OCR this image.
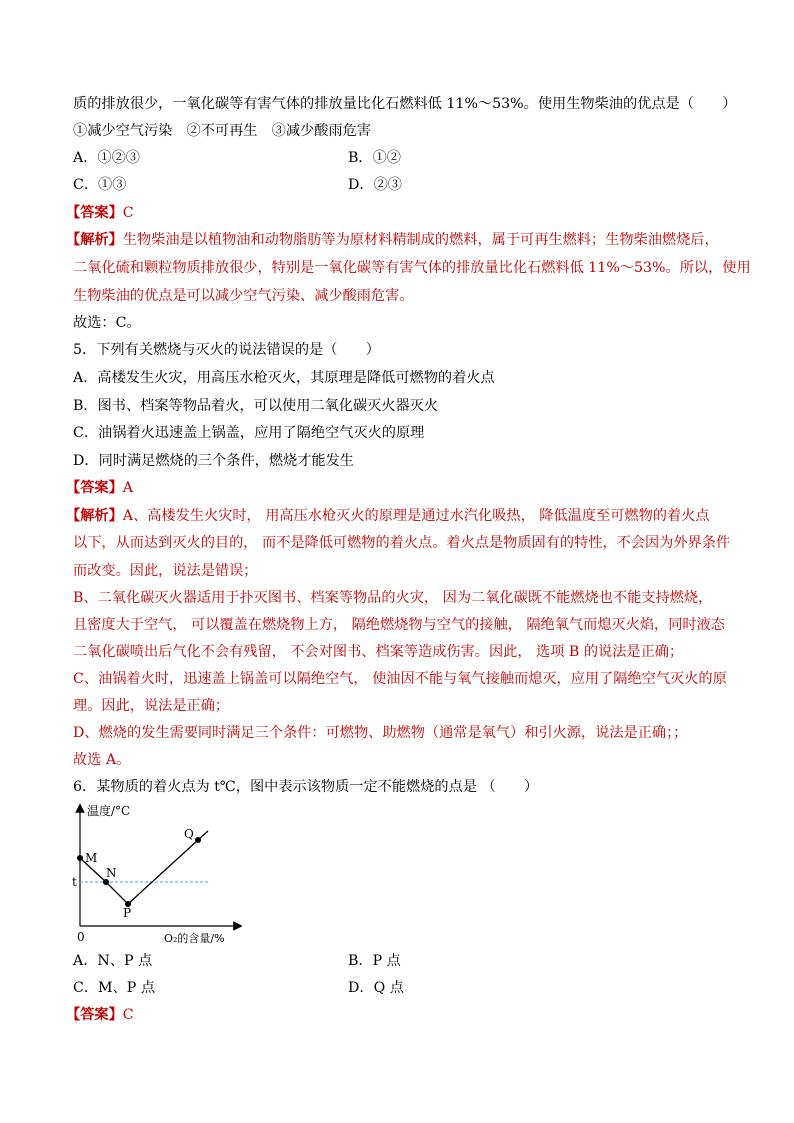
质的排放很少，一氧化碳等有害气体的排放量比化石燃料低 11%～53%。使用生物柴油的优点是（　　）
①减少空气污染　②不可再生　③减少酸雨危害
A．①②③	B．①②
C．①③	D．②③
【答案】C
【解析】生物柴油是以植物油和动物脂肪等为原材料精制成的燃料，属于可再生燃料；生物柴油燃烧后，
二氧化硫和颗粒物质排放很少，特别是一氧化碳等有害气体的排放量比化石燃料低 11%～53%。所以，使用
生物柴油的优点是可以减少空气污染、减少酸雨危害。
故选：C。
5．下列有关燃烧与灭火的说法错误的是（　　）
A．高楼发生火灾，用高压水枪灭火，其原理是降低可燃物的着火点
B．图书、档案等物品着火，可以使用二氧化碳灭火器灭火
C．油锅着火迅速盖上锅盖，应用了隔绝空气灭火的原理
D．同时满足燃烧的三个条件，燃烧才能发生
【答案】A
【解析】A、高楼发生火灾时， 用高压水枪灭火的原理是通过水汽化吸热， 降低温度至可燃物的着火点
以下，从而达到灭火的目的， 而不是降低可燃物的着火点。着火点是物质固有的特性，不会因为外界条件
而改变。因此，说法是错误；
B、二氧化碳灭火器适用于扑灭图书、档案等物品的火灾， 因为二氧化碳既不能燃烧也不能支持燃烧，
且密度大于空气， 可以覆盖在燃烧物上方， 隔绝燃烧物与空气的接触， 隔绝氧气而熄灭火焰，同时液态
二氧化碳喷出后气化不会有残留， 不会对图书、档案等造成伤害。因此， 选项 B 的说法是正确；
C、油锅着火时，迅速盖上锅盖可以隔绝空气， 使油因不能与氧气接触而熄灭，应用了隔绝空气灭火的原
理。因此，说法是正确；
D、燃烧的发生需要同时满足三个条件：可燃物、助燃物（通常是氧气）和引火源，说法是正确；；
故选 A。
6．某物质的着火点为 t℃，图中表示该物质一定不能燃烧的点是 （　　）
温度/°C
O₂的含量/%
0
t
M
N
P
Q
A．N、P 点	B．P 点
C．M、P 点	D．Q 点
【答案】C
